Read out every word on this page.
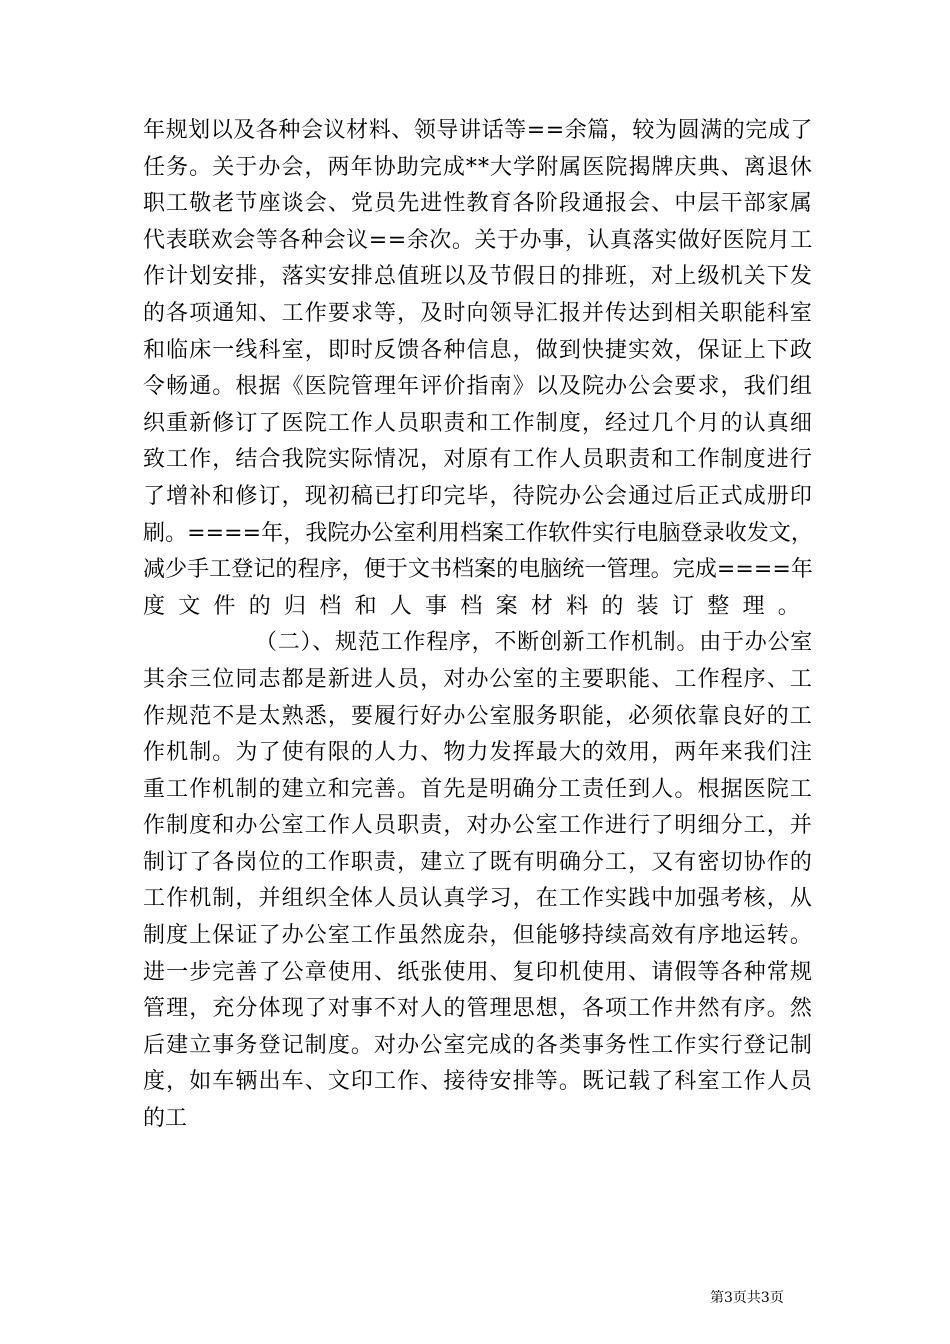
年规划以及各种会议材料、领导讲话等==余篇，较为圆满的完成了
任务。关于办会，两年协助完成**大学附属医院揭牌庆典、离退休
职工敬老节座谈会、党员先进性教育各阶段通报会、中层干部家属
代表联欢会等各种会议==余次。关于办事，认真落实做好医院月工
作计划安排，落实安排总值班以及节假日的排班，对上级机关下发
的各项通知、工作要求等，及时向领导汇报并传达到相关职能科室
和临床一线科室，即时反馈各种信息，做到快捷实效，保证上下政
令畅通。根据《医院管理年评价指南》以及院办公会要求，我们组
织重新修订了医院工作人员职责和工作制度，经过几个月的认真细
致工作，结合我院实际情况，对原有工作人员职责和工作制度进行
了增补和修订，现初稿已打印完毕，待院办公会通过后正式成册印
刷。====年，我院办公室利用档案工作软件实行电脑登录收发文，
减少手工登记的程序，便于文书档案的电脑统一管理。完成====年
度文件的归档和人事档案材料的装订整理。
（二）、规范工作程序，不断创新工作机制。由于办公室
其余三位同志都是新进人员，对办公室的主要职能、工作程序、工
作规范不是太熟悉，要履行好办公室服务职能，必须依靠良好的工
作机制。为了使有限的人力、物力发挥最大的效用，两年来我们注
重工作机制的建立和完善。首先是明确分工责任到人。根据医院工
作制度和办公室工作人员职责，对办公室工作进行了明细分工，并
制订了各岗位的工作职责，建立了既有明确分工，又有密切协作的
工作机制，并组织全体人员认真学习，在工作实践中加强考核，从
制度上保证了办公室工作虽然庞杂，但能够持续高效有序地运转。
进一步完善了公章使用、纸张使用、复印机使用、请假等各种常规
管理，充分体现了对事不对人的管理思想，各项工作井然有序。然
后建立事务登记制度。对办公室完成的各类事务性工作实行登记制
度，如车辆出车、文印工作、接待安排等。既记载了科室工作人员
的工
第3页共3页
